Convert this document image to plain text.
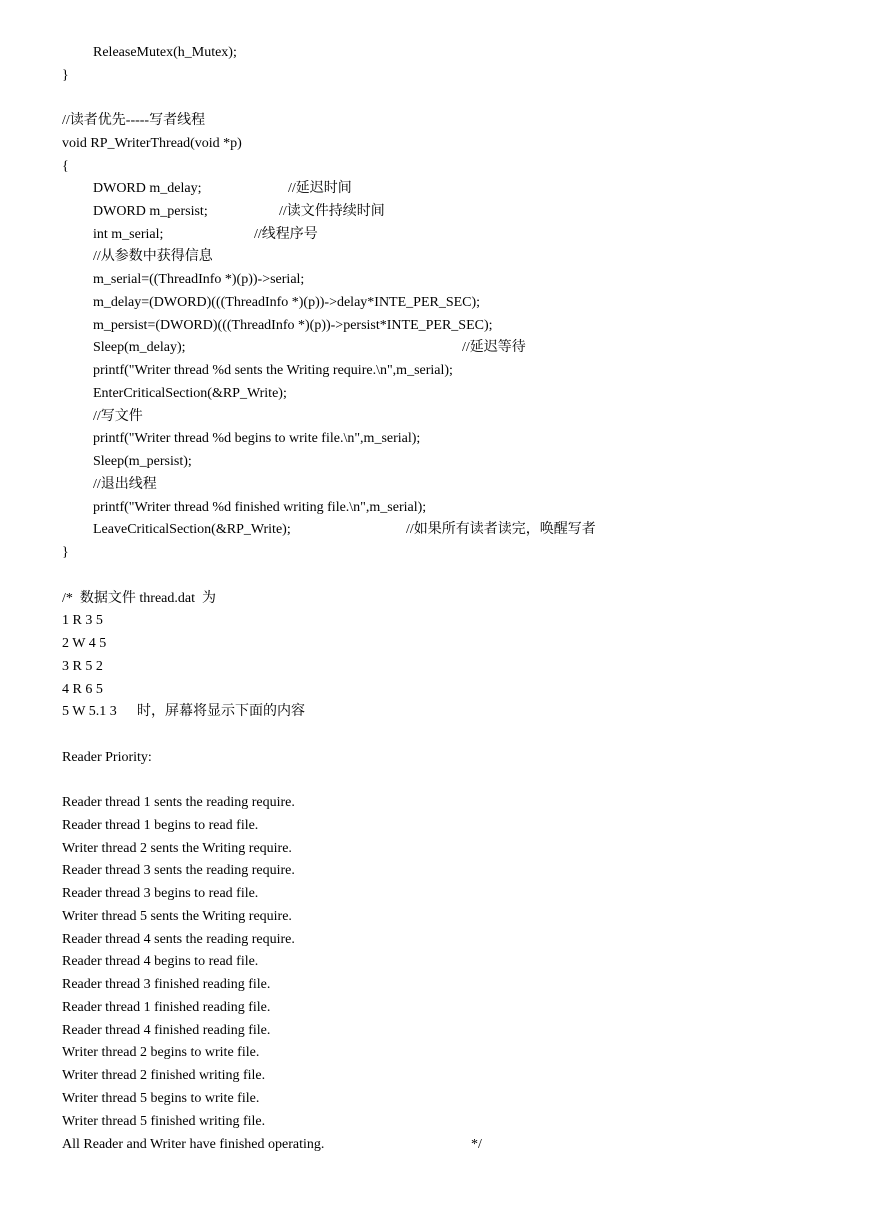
ReleaseMutex(h_Mutex);
}
//读者优先-----写者线程
void RP_WriterThread(void *p)
{
DWORD m_delay;	//延迟时间
DWORD m_persist;	//读文件持续时间
int m_serial;	//线程序号
//从参数中获得信息
m_serial=((ThreadInfo *)(p))->serial;
m_delay=(DWORD)(((ThreadInfo *)(p))->delay*INTE_PER_SEC);
m_persist=(DWORD)(((ThreadInfo *)(p))->persist*INTE_PER_SEC);
Sleep(m_delay);	//延迟等待
printf("Writer thread %d sents the Writing require.\n",m_serial);
EnterCriticalSection(&RP_Write);
//写文件
printf("Writer thread %d begins to write file.\n",m_serial);
Sleep(m_persist);
//退出线程
printf("Writer thread %d finished writing file.\n",m_serial);
LeaveCriticalSection(&RP_Write);	//如果所有读者读完，唤醒写者
}
/*  数据文件 thread.dat  为
1 R 3 5
2 W 4 5
3 R 5 2
4 R 6 5
5 W 5.1 3 时，屏幕将显示下面的内容
Reader Priority:
Reader thread 1 sents the reading require.
Reader thread 1 begins to read file.
Writer thread 2 sents the Writing require.
Reader thread 3 sents the reading require.
Reader thread 3 begins to read file.
Writer thread 5 sents the Writing require.
Reader thread 4 sents the reading require.
Reader thread 4 begins to read file.
Reader thread 3 finished reading file.
Reader thread 1 finished reading file.
Reader thread 4 finished reading file.
Writer thread 2 begins to write file.
Writer thread 2 finished writing file.
Writer thread 5 begins to write file.
Writer thread 5 finished writing file.
All Reader and Writer have finished operating.	*/
